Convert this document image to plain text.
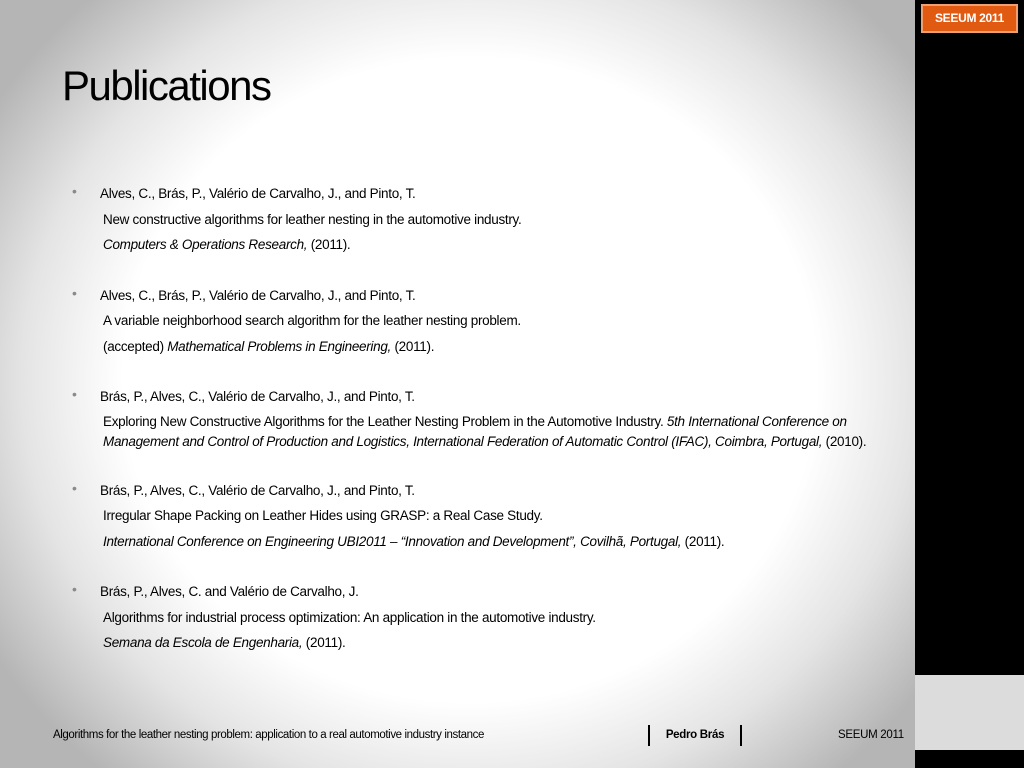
SEEUM 2011
Publications
• Alves, C., Brás, P., Valério de Carvalho, J., and Pinto, T.
New constructive algorithms for leather nesting in the automotive industry.
Computers & Operations Research, (2011).
• Alves, C., Brás, P., Valério de Carvalho, J., and Pinto, T.
A variable neighborhood search algorithm for the leather nesting problem.
(accepted) Mathematical Problems in Engineering, (2011).
• Brás, P., Alves, C., Valério de Carvalho, J., and Pinto, T.
Exploring New Constructive Algorithms for the Leather Nesting Problem in the Automotive Industry. 5th International Conference on Management and Control of Production and Logistics, International Federation of Automatic Control (IFAC), Coimbra, Portugal, (2010).
• Brás, P., Alves, C., Valério de Carvalho, J., and Pinto, T.
Irregular Shape Packing on Leather Hides using GRASP: a Real Case Study.
International Conference on Engineering UBI2011 – “Innovation and Development”, Covilhã, Portugal, (2011).
• Brás, P., Alves, C. and Valério de Carvalho, J.
Algorithms for industrial process optimization: An application in the automotive industry.
Semana da Escola de Engenharia, (2011).
Algorithms for the leather nesting problem: application to a real automotive industry instance	Pedro Brás	SEEUM 2011
